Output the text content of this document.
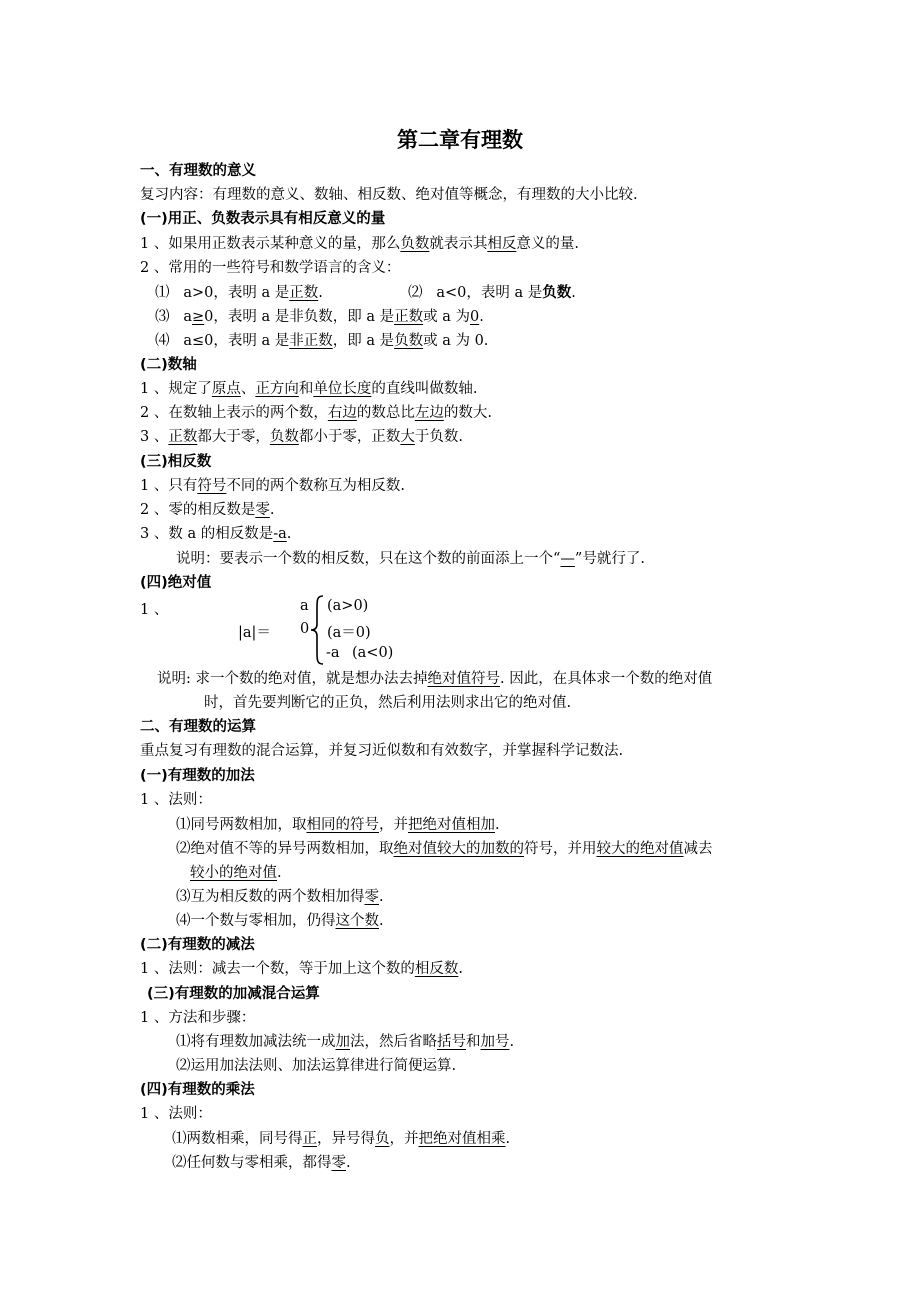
第二章有理数
一、有理数的意义
复习内容：有理数的意义、数轴、相反数、绝对值等概念，有理数的大小比较.
(一)用正、负数表示具有相反意义的量
1 、如果用正数表示某种意义的量，那么负数就表示其相反意义的量.
2 、常用的一些符号和数学语言的含义：
⑴ a>0，表明 a 是正数.	⑵ a<0，表明 a 是负数.
⑶ a≥0，表明 a 是非负数，即 a 是正数或 a 为0.
⑷ a≤0，表明 a 是非正数，即 a 是负数或 a 为 0.
(二)数轴
1 、规定了原点、正方向和单位长度的直线叫做数轴.
2 、在数轴上表示的两个数，右边的数总比左边的数大.
3 、正数都大于零，负数都小于零，正数大于负数.
(三)相反数
1 、只有符号不同的两个数称互为相反数.
2 、零的相反数是零.
3 、数 a 的相反数是-a.
说明：要表示一个数的相反数，只在这个数的前面添上一个“—”号就行了.
(四)绝对值
1 、
|a|＝
a
0
-a
(a>0)
(a＝0)
(a<0)
说明: 求一个数的绝对值，就是想办法去掉绝对值符号. 因此，在具体求一个数的绝对值
时，首先要判断它的正负，然后利用法则求出它的绝对值.
二、有理数的运算
重点复习有理数的混合运算，并复习近似数和有效数字，并掌握科学记数法.
(一)有理数的加法
1 、法则：
⑴同号两数相加，取相同的符号，并把绝对值相加.
⑵绝对值不等的异号两数相加，取绝对值较大的加数的符号，并用较大的绝对值减去
较小的绝对值.
⑶互为相反数的两个数相加得零.
⑷一个数与零相加，仍得这个数.
(二)有理数的减法
1 、法则：减去一个数，等于加上这个数的相反数.
(三)有理数的加减混合运算
1 、方法和步骤：
⑴将有理数加减法统一成加法，然后省略括号和加号.
⑵运用加法法则、加法运算律进行简便运算.
(四)有理数的乘法
1 、法则：
⑴两数相乘，同号得正，异号得负，并把绝对值相乘.
⑵任何数与零相乘，都得零.
